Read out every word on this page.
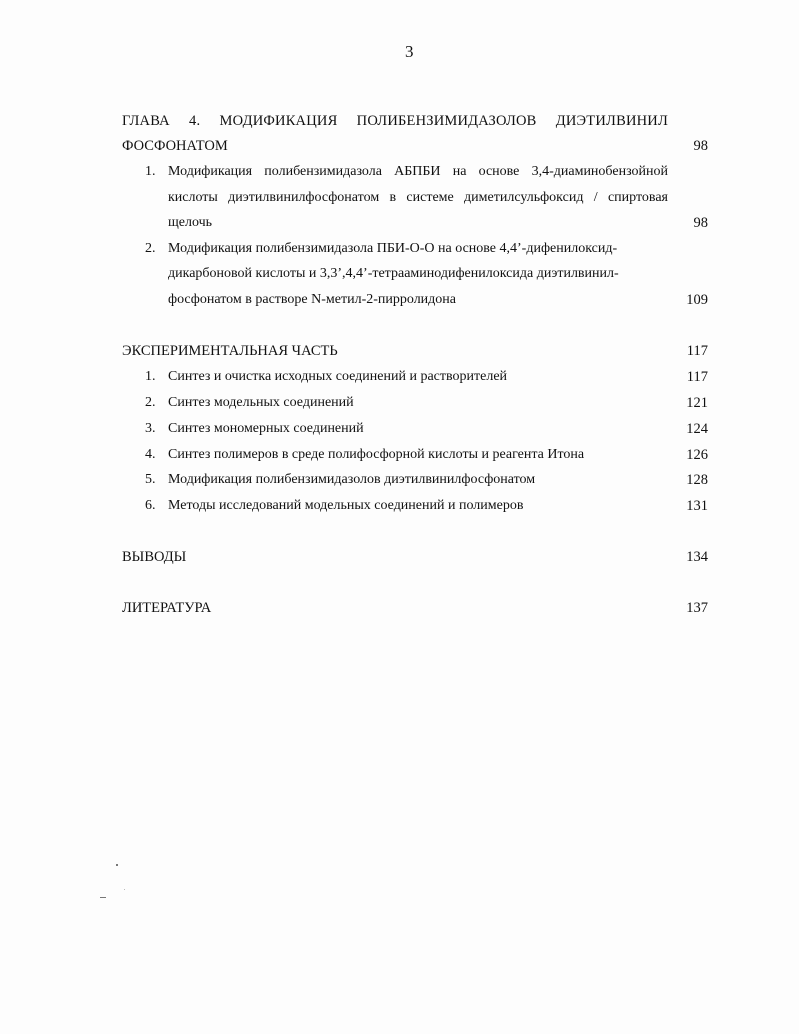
3
ГЛАВА 4. МОДИФИКАЦИЯ ПОЛИБЕНЗИМИДАЗОЛОВ ДИЭТИЛВИНИЛ
ФОСФОНАТОМ	98
1. Модификация полибензимидазола АБПБИ на основе 3,4-диаминобензойной
кислоты диэтилвинилфосфонатом в системе диметилсульфоксид / спиртовая
щелочь	98
2. Модификация полибензимидазола ПБИ-О-О на основе 4,4’-дифенилоксид-
дикарбоновой кислоты и 3,3’,4,4’-тетрааминодифенилоксида диэтилвинил-
фосфонатом в растворе N-метил-2-пирролидона	109
ЭКСПЕРИМЕНТАЛЬНАЯ ЧАСТЬ	117
1. Синтез и очистка исходных соединений и растворителей	117
2. Синтез модельных соединений	121
3. Синтез мономерных соединений	124
4. Синтез полимеров в среде полифосфорной кислоты и реагента Итона	126
5. Модификация полибензимидазолов диэтилвинилфосфонатом	128
6. Методы исследований модельных соединений и полимеров	131
ВЫВОДЫ	134
ЛИТЕРАТУРА	137
